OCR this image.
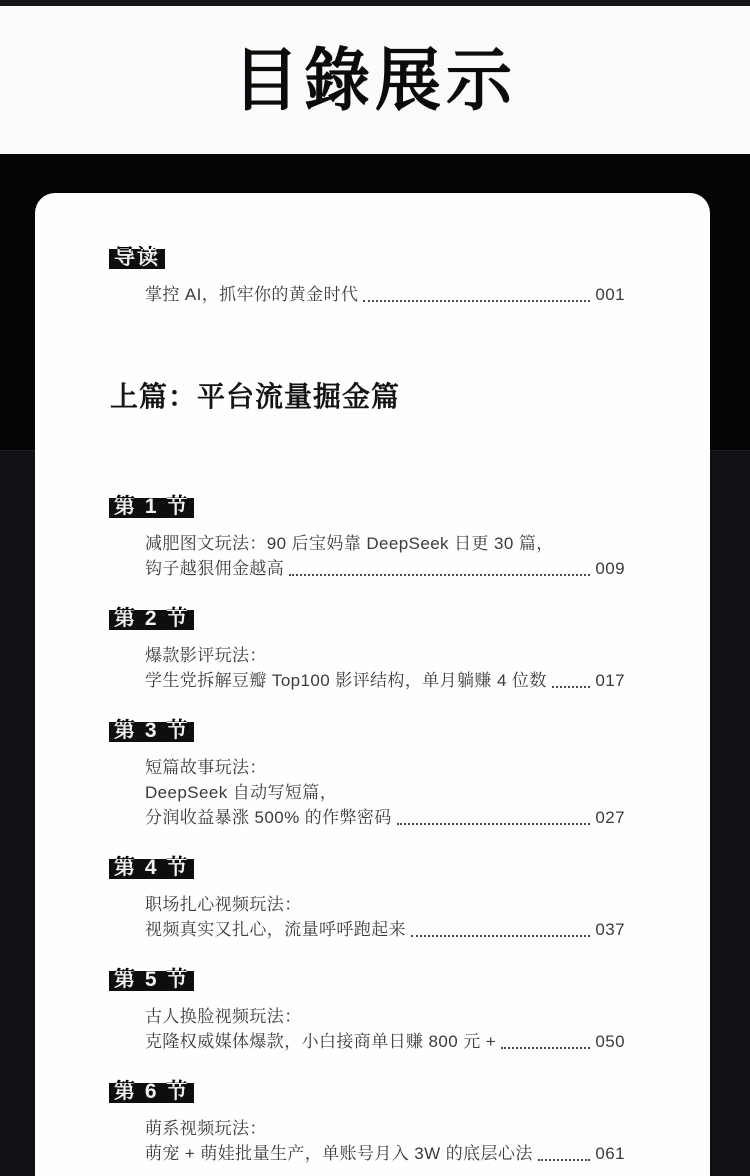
目錄展示
导读
掌控 AI，抓牢你的黄金时代	001
上篇：平台流量掘金篇
第 1 节
减肥图文玩法：90 后宝妈靠 DeepSeek 日更 30 篇，
钩子越狠佣金越高	009
第 2 节
爆款影评玩法：
学生党拆解豆瓣 Top100 影评结构，单月躺赚 4 位数	017
第 3 节
短篇故事玩法：
DeepSeek 自动写短篇，
分润收益暴涨 500% 的作弊密码	027
第 4 节
职场扎心视频玩法：
视频真实又扎心，流量呼呼跑起来	037
第 5 节
古人换脸视频玩法：
克隆权威媒体爆款，小白接商单日赚 800 元 +	050
第 6 节
萌系视频玩法：
萌宠 + 萌娃批量生产，单账号月入 3W 的底层心法	061
